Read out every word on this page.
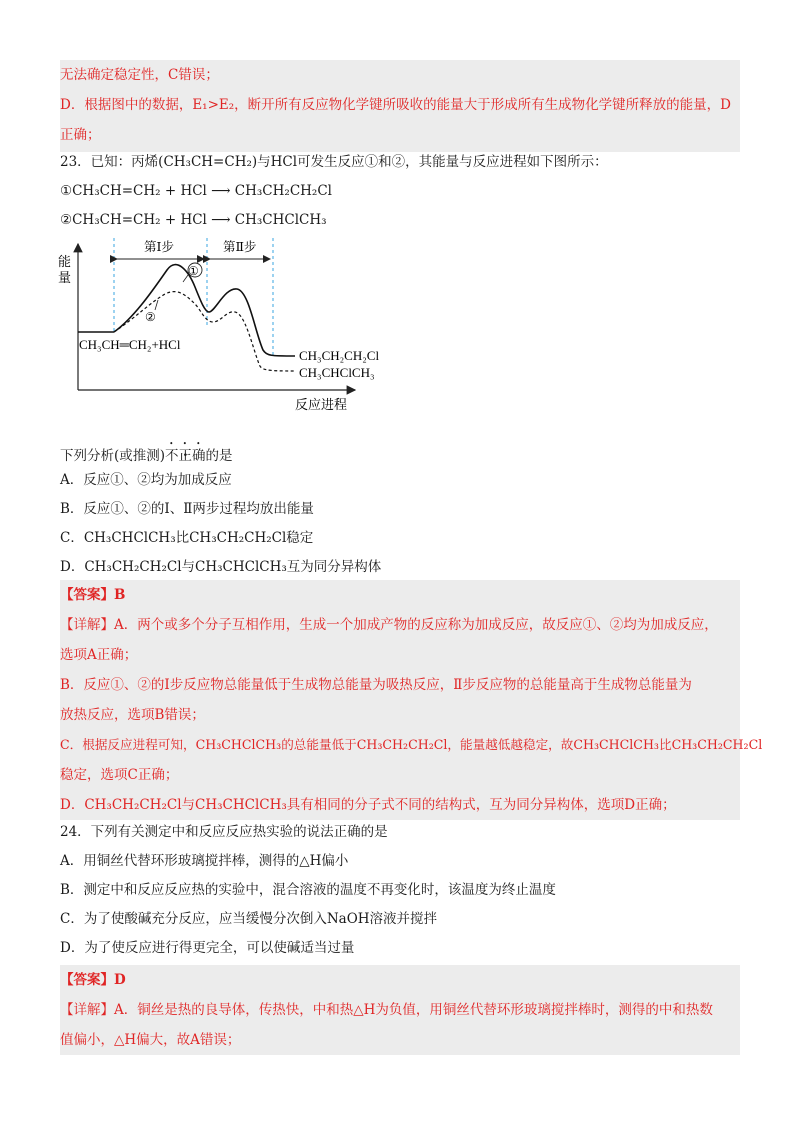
无法确定稳定性，C错误；
D．根据图中的数据，E₁>E₂，断开所有反应物化学键所吸收的能量大于形成所有生成物化学键所释放的能量，D
正确；
23．已知：丙烯(CH₃CH=CH₂)与HCl可发生反应①和②，其能量与反应进程如下图所示：
①CH₃CH=CH₂ + HCl ⟶ CH₃CH₂CH₂Cl
②CH₃CH=CH₂ + HCl ⟶ CH₃CHClCH₃
能
量
反应进程
第Ⅰ步	第Ⅱ步
①
②
CH₃CH═CH₂+HCl
CH₃CH₂CH₂Cl
CH₃CHClCH₃
下列分析(或推测)不正确的是
A．反应①、②均为加成反应
B．反应①、②的Ⅰ、Ⅱ两步过程均放出能量
C．CH₃CHClCH₃比CH₃CH₂CH₂Cl稳定
D．CH₃CH₂CH₂Cl与CH₃CHClCH₃互为同分异构体
【答案】B
【详解】A．两个或多个分子互相作用，生成一个加成产物的反应称为加成反应，故反应①、②均为加成反应，
选项A正确；
B．反应①、②的Ⅰ步反应物总能量低于生成物总能量为吸热反应，Ⅱ步反应物的总能量高于生成物总能量为
放热反应，选项B错误；
C．根据反应进程可知，CH₃CHClCH₃的总能量低于CH₃CH₂CH₂Cl，能量越低越稳定，故CH₃CHClCH₃比CH₃CH₂CH₂Cl
稳定，选项C正确；
D．CH₃CH₂CH₂Cl与CH₃CHClCH₃具有相同的分子式不同的结构式，互为同分异构体，选项D正确；
24．下列有关测定中和反应反应热实验的说法正确的是
A．用铜丝代替环形玻璃搅拌棒，测得的△H偏小
B．测定中和反应反应热的实验中，混合溶液的温度不再变化时，该温度为终止温度
C．为了使酸碱充分反应，应当缓慢分次倒入NaOH溶液并搅拌
D．为了使反应进行得更完全，可以使碱适当过量
【答案】D
【详解】A．铜丝是热的良导体，传热快，中和热△H为负值，用铜丝代替环形玻璃搅拌棒时，测得的中和热数
值偏小，△H偏大，故A错误；
